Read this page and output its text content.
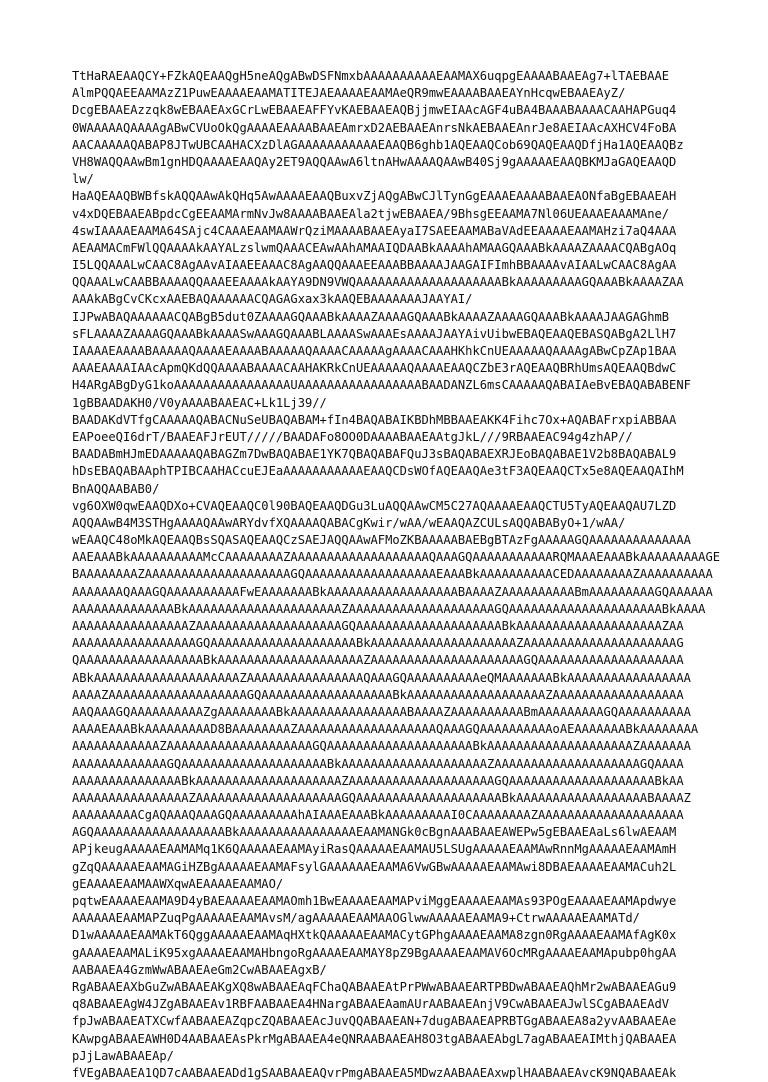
TtHaRAEAAQCY+FZkAQEAAQgH5neAQgABwDSFNmxbAAAAAAAAAAEAAMAX6uqpgEAAAABAAEAg7+lTAEBAAE
AlmPQQAEEAAMAzZ1PuwEAAAAEAAMATITEJAEAAAAEAAMAeQR9mwEAAAABAAEAYnHcqwEBAAEAyZ/
DcgEBAAEAzzqk8wEBAAEAxGCrLwEBAAEAFFYvKAEBAAEAQBjjmwEIAAcAGF4uBA4BAAABAAAACAAHAPGuq4
0WAAAAAQAAAAgABwCVUoOkQgAAAAEAAAABAAEAmrxD2AEBAAEAnrsNkAEBAAEAnrJe8AEIAAcAXHCV4FoBA
AACAAAAAQABAP8JTwUBCAAHACXzDlAGAAAAAAAAAAAEAAQB6ghb1AQEAAQCob69QAQEAAQDfjHa1AQEAAQBz
VH8WAQQAAwBm1gnHDQAAAAEAAQAy2ET9AQQAAwA6ltnAHwAAAAQAAwB40Sj9gAAAAAEAAQBKMJaGAQEAAQD
lw/
HaAQEAAQBWBfskAQQAAwAkQHq5AwAAAAEAAQBuxvZjAQgABwCJlTynGgEAAAEAAAABAAEAONfaBgEBAAEAH
v4xDQEBAAEABpdcCgEEAAMArmNvJw8AAAABAAEAla2tjwEBAAEA/9BhsgEEAAMA7Nl06UEAAAEAAAMAne/
4swIAAAAEAAMA64SAjc4CAAAEAAMAAWrQziMAAAABAAEAyaI7SAEEAAMABaVAdEEAAAAEAAMAHzi7aQ4AAA
AEAAMACmFWlQQAAAAkAAYALzslwmQAAACEAwAAhAMAAIQDAABkAAAAhAMAAGQAAABkAAAAZAAAACQABgAOq
I5LQQAAALwCAAC8AgAAvAIAAEEAAAC8AgAAQQAAAEEAAABBAAAAJAAGAIFImhBBAAAAvAIAALwCAAC8AgAA
QQAAALwCAABBAAAAQQAAAEEAAAAkAAYA9DN9VWQAAAAAAAAAAAAAAAAAAAABkAAAAAAAAAGQAAABkAAAAZAA
AAAkABgCvCKcxAAEBAQAAAAAACQAGAGxax3kAAQEBAAAAAAAJAAYAI/
IJPwABAQAAAAAACQABgB5dut0ZAAAAGQAAABkAAAAZAAAAGQAAABkAAAAZAAAAGQAAABkAAAAJAAGAGhmB
sFLAAAAZAAAAGQAAABkAAAASwAAAGQAAABLAAAASwAAAEsAAAAJAAYAivUibwEBAQEAAQEBASQABgA2LlH7
IAAAAEAAAABAAAAAQAAAAEAAAABAAAAAQAAAACAAAAAgAAAACAAAHKhkCnUEAAAAAQAAAAgABwCpZAp1BAA
AAAEAAAAIAAcApmQKdQQAAAABAAAACAAHAKRkCnUEAAAAAQAAAAEAAQCZbE3rAQEAAQBRhUmsAQEAAQBdwC
H4ARgABgDyG1koAAAAAAAAAAAAAAAAUAAAAAAAAAAAAAAAAABAADANZL6msCAAAAAQABAIAeBvEBAQABABENF
1gBBAADAKH0/V0yAAAABAAEAC+Lk1Lj39//
BAADAKdVTfgCAAAAAQABACNuSeUBAQABAM+fIn4BAQABAIKBDhMBBAAEAKK4Fihc7Ox+AQABAFrxpiABBAA
EAPoeeQI6drT/BAAEAFJrEUT/////BAADAFo8OO0DAAAABAAEAAtgJkL///9RBAAEAC94g4zhAP//
BAADABmHJmEDAAAAAQABAGZm7DwBAQABAE1YK7QBAQABAFQuJ3sBAQABAEXRJEoBAQABAE1V2b8BAQABAL9
hDsEBAQABAAphTPIBCAAHACcuEJEaAAAAAAAAAAAEAAQCDsWOfAQEAAQAe3tF3AQEAAQCTx5e8AQEAAQAIhM
BnAQQAABAB0/
vg6OXW0qwEAAQDXo+CVAQEAAQC0l90BAQEAAQDGu3LuAQQAAwCM5C27AQAAAAEAAQCTU5TyAQEAAQAU7LZD
AQQAAwB4M3STHgAAAAQAAwARYdvfXQAAAAQABACgKwir/wAA/wEAAQAZCULsAQQABAByO+1/wAA/
wEAAQC48oMkAQEAAQBsSQASAQEAAQCzSAEJAQQAAwAFMoZKBAAAAABAEBgBTAzFgAAAAAGQAAAAAAAAAAAAAA
AAEAAABkAAAAAAAAAAMcCAAAAAAAAZAAAAAAAAAAAAAAAAAAAQAAAGQAAAAAAAAAAARQMAAAEAAABkAAAAAAAAAGE
BAAAAAAAAZAAAAAAAAAAAAAAAAAAAAGQAAAAAAAAAAAAAAAAAAEAAABkAAAAAAAAAACEDAAAAAAAAZAAAAAAAAAA
AAAAAAAQAAAGQAAAAAAAAAAFwEAAAAAAABkAAAAAAAAAAAAAAAAAABAAAAZAAAAAAAAAABmAAAAAAAAAGQAAAAAA
AAAAAAAAAAAAAABkAAAAAAAAAAAAAAAAAAAAAZAAAAAAAAAAAAAAAAAAAAGQAAAAAAAAAAAAAAAAAAAAABkAAAA
AAAAAAAAAAAAAAAAZAAAAAAAAAAAAAAAAAAAAGQAAAAAAAAAAAAAAAAAAAABkAAAAAAAAAAAAAAAAAAAAZAA
AAAAAAAAAAAAAAAAAGQAAAAAAAAAAAAAAAAAAAABkAAAAAAAAAAAAAAAAAAAAZAAAAAAAAAAAAAAAAAAAAAG
QAAAAAAAAAAAAAAAAABkAAAAAAAAAAAAAAAAAAAAZAAAAAAAAAAAAAAAAAAAAAGQAAAAAAAAAAAAAAAAAAAA
ABkAAAAAAAAAAAAAAAAAAAAZAAAAAAAAAAAAAAAAQAAAGQAAAAAAAAAAeQMAAAAAAABkAAAAAAAAAAAAAAAAA
AAAAZAAAAAAAAAAAAAAAAAAAGQAAAAAAAAAAAAAAAAAABkAAAAAAAAAAAAAAAAAAAZAAAAAAAAAAAAAAAAAA
AAQAAAGQAAAAAAAAAAZgAAAAAAAABkAAAAAAAAAAAAAAAABAAAAZAAAAAAAAAABmAAAAAAAAAGQAAAAAAAAAA
AAAAEAAABkAAAAAAAAAD8BAAAAAAAAZAAAAAAAAAAAAAAAAAAAQAAAGQAAAAAAAAAAoAEAAAAAAABkAAAAAAAA
AAAAAAAAAAAAZAAAAAAAAAAAAAAAAAAAAGQAAAAAAAAAAAAAAAAAAAABkAAAAAAAAAAAAAAAAAAAAZAAAAAAA
AAAAAAAAAAAAAGQAAAAAAAAAAAAAAAAAAAABkAAAAAAAAAAAAAAAAAAAAZAAAAAAAAAAAAAAAAAAAAGQAAAA
AAAAAAAAAAAAAAABkAAAAAAAAAAAAAAAAAAAAZAAAAAAAAAAAAAAAAAAAAGQAAAAAAAAAAAAAAAAAAAABkAA
AAAAAAAAAAAAAAAAZAAAAAAAAAAAAAAAAAAAAGQAAAAAAAAAAAAAAAAAAAABkAAAAAAAAAAAAAAAAAABAAAAZ
AAAAAAAAACgAQAAAQAAAGQAAAAAAAAAhAIAAAEAAABkAAAAAAAAAI0CAAAAAAAAZAAAAAAAAAAAAAAAAAAAA
AGQAAAAAAAAAAAAAAAAAABkAAAAAAAAAAAAAAAAEAAMANGk0cBgnAAABAAEAWEPw5gEBAAEAaLs6lwAEAAM
APjkeugAAAAAEAAMAMq1K6QAAAAAEAAMAyiRasQAAAAAEAAMAU5LSUgAAAAAEAAMAwRnnMgAAAAAEAAMAmH
gZqQAAAAAEAAMAGiHZBgAAAAAEAAMAFsylGAAAAAAEAAMA6VwGBwAAAAAEAAMAwi8DBAEAAAAEAAMACuh2L
gEAAAAEAAMAAWXqwAEAAAAEAAMAO/
pqtwEAAAAEAAMA9D4yBAEAAAAEAAMAOmh1BwEAAAAEAAMAPviMggEAAAAEAAMAs93POgEAAAAEAAMApdwye
AAAAAAEAAMAPZuqPgAAAAAEAAMAvsM/agAAAAAEAAMAAOGlwwAAAAAEAAMA9+CtrwAAAAAEAAMATd/
D1wAAAAAEAAMAkT6QggAAAAAEAAMAqHXtkQAAAAAEAAMACytGPhgAAAAEAAMA8zgn0RgAAAAEAAMAfAgK0x
gAAAAEAAMALiK95xgAAAAEAAMAHbngoRgAAAAEAAMAY8pZ9BgAAAAEAAMAV6OcMRgAAAAEAAMApubp0hgAA
AABAAEA4GzmWwABAAEAeGm2CwABAAEAgxB/
RgABAAEAXbGuZwABAAEAKgXQ8wABAAEAqFChaQABAAEAtPrPWwABAAEARTPBDwABAAEAQhMr2wABAAEAGu9
q8ABAAEAgW4JZgABAAEAv1RBFAABAAEA4HNargABAAEAamAUrAABAAEAnjV9CwABAAEAJwlSCgABAAEAdV
fpJwABAAEATXCwfAABAAEAZqpcZQABAAEAcJuvQQABAAEAN+7dugABAAEAPRBTGgABAAEA8a2yvAABAAEAe
KAwpgABAAEAWH0D4AABAAEAsPkrMgABAAEA4eQNRAABAAEAH8O3tgABAAEAbgL7agABAAEAIMthjQABAAEA
pJjLawABAAEAp/
fVEgABAAEA1QD7cAABAAEADd1gSAABAAEAQvrPmgABAAEA5MDwzAABAAEAxwplHAABAAEAvcK9NQABAAEAk
